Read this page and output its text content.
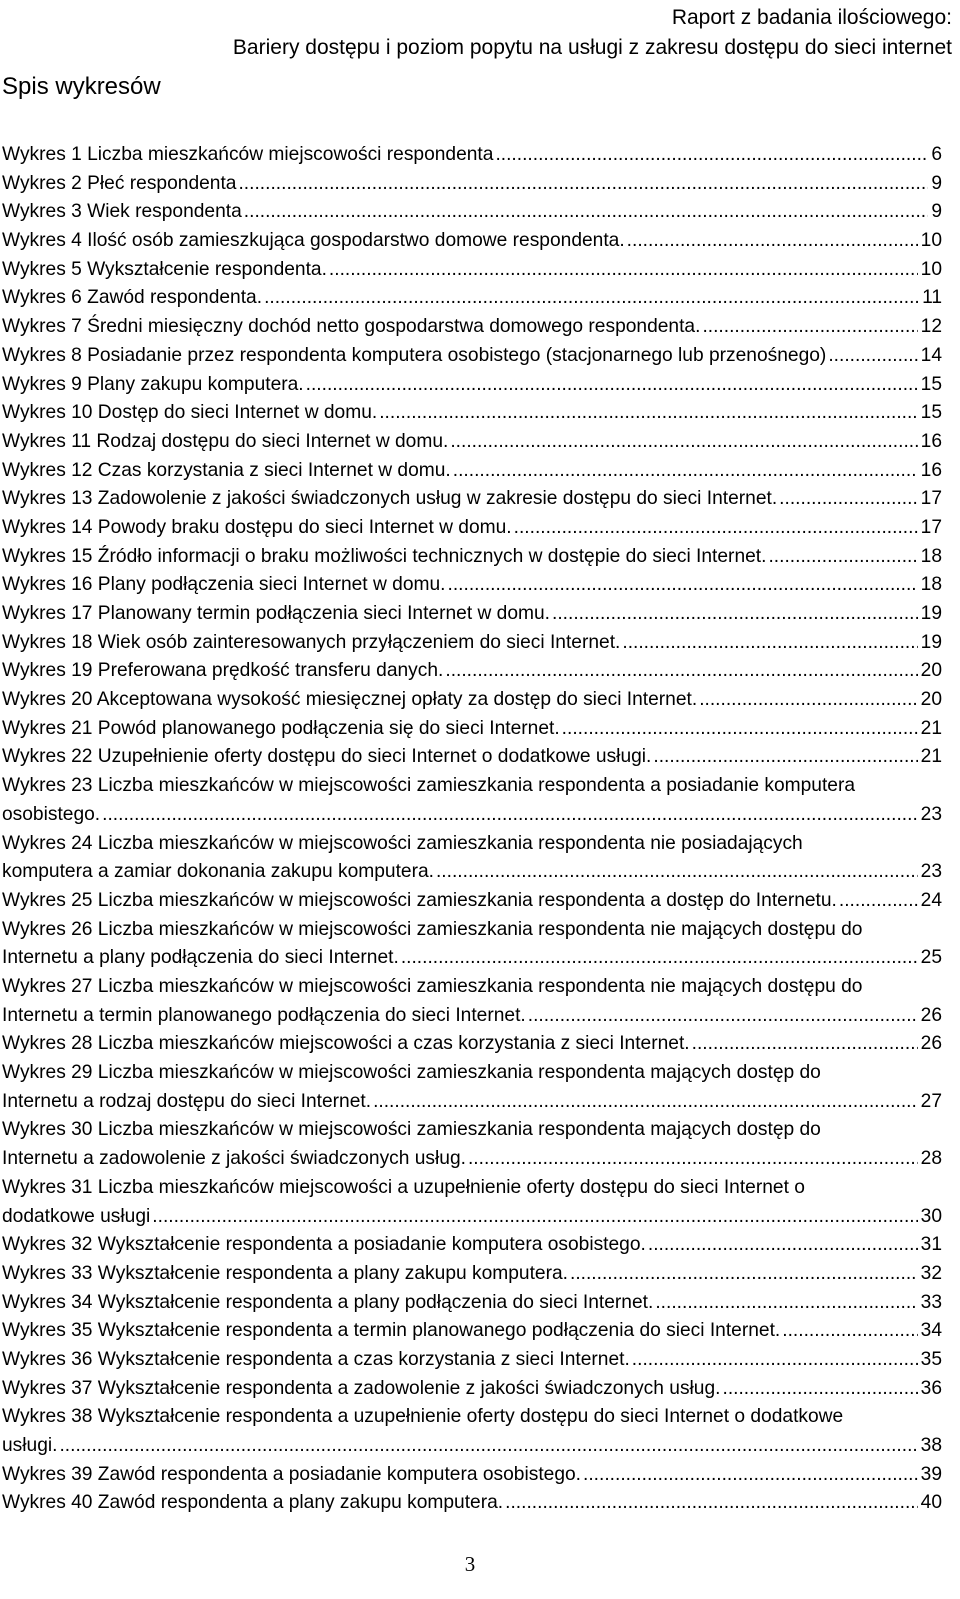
Raport z badania ilościowego:
Bariery dostępu i poziom popytu na usługi z zakresu dostępu do sieci internet
Spis wykresów
Wykres 1 Liczba mieszkańców miejscowości respondenta .....	6
Wykres 2 Płeć respondenta .....	9
Wykres 3 Wiek respondenta .....	9
Wykres 4 Ilość osób zamieszkująca gospodarstwo domowe respondenta. .....	10
Wykres 5 Wykształcenie respondenta. .....	10
Wykres 6 Zawód respondenta. .....	11
Wykres 7 Średni miesięczny dochód netto gospodarstwa domowego respondenta. .....	12
Wykres 8 Posiadanie przez respondenta komputera osobistego (stacjonarnego lub przenośnego) .....	14
Wykres 9 Plany zakupu komputera. .....	15
Wykres 10 Dostęp do sieci Internet w domu. .....	15
Wykres 11 Rodzaj dostępu do sieci Internet w domu. .....	16
Wykres 12 Czas korzystania z sieci Internet w domu. .....	16
Wykres 13 Zadowolenie z jakości świadczonych usług w zakresie dostępu do sieci Internet. .....	17
Wykres 14 Powody braku dostępu do sieci Internet w domu. .....	17
Wykres 15 Źródło informacji o braku możliwości technicznych w dostępie do sieci Internet. .....	18
Wykres 16 Plany podłączenia sieci Internet w domu. .....	18
Wykres 17 Planowany termin podłączenia sieci Internet w domu. .....	19
Wykres 18 Wiek osób zainteresowanych przyłączeniem do sieci Internet. .....	19
Wykres 19 Preferowana prędkość transferu danych. .....	20
Wykres 20 Akceptowana wysokość miesięcznej opłaty za dostęp do sieci Internet. .....	20
Wykres 21 Powód planowanego podłączenia się do sieci Internet. .....	21
Wykres 22 Uzupełnienie oferty dostępu do sieci Internet o dodatkowe usługi. .....	21
Wykres 23 Liczba mieszkańców w miejscowości zamieszkania respondenta a posiadanie komputera
osobistego. .....	23
Wykres 24 Liczba mieszkańców w miejscowości zamieszkania respondenta nie posiadających
komputera a zamiar dokonania zakupu komputera. .....	23
Wykres 25 Liczba mieszkańców w miejscowości zamieszkania respondenta a dostęp do Internetu. .....	24
Wykres 26 Liczba mieszkańców w miejscowości zamieszkania respondenta nie mających dostępu do
Internetu a plany podłączenia do sieci Internet. .....	25
Wykres 27 Liczba mieszkańców w miejscowości zamieszkania respondenta nie mających dostępu do
Internetu a termin planowanego podłączenia do sieci Internet. .....	26
Wykres 28 Liczba mieszkańców miejscowości a czas korzystania z sieci Internet. .....	26
Wykres 29 Liczba mieszkańców w miejscowości zamieszkania respondenta mających dostęp do
Internetu a rodzaj dostępu do sieci Internet. .....	27
Wykres 30 Liczba mieszkańców w miejscowości zamieszkania respondenta mających dostęp do
Internetu a zadowolenie z jakości świadczonych usług. .....	28
Wykres 31 Liczba mieszkańców miejscowości a uzupełnienie oferty dostępu do sieci Internet o
dodatkowe usługi .....	30
Wykres 32 Wykształcenie respondenta a posiadanie komputera osobistego. .....	31
Wykres 33 Wykształcenie respondenta a plany zakupu komputera. .....	32
Wykres 34 Wykształcenie respondenta a plany podłączenia do sieci Internet. .....	33
Wykres 35 Wykształcenie respondenta a termin planowanego podłączenia do sieci Internet. .....	34
Wykres 36 Wykształcenie respondenta a czas korzystania z sieci Internet. .....	35
Wykres 37 Wykształcenie respondenta a zadowolenie z jakości świadczonych usług. .....	36
Wykres 38 Wykształcenie respondenta a uzupełnienie oferty dostępu do sieci Internet o dodatkowe
usługi. .....	38
Wykres 39 Zawód respondenta a posiadanie komputera osobistego. .....	39
Wykres 40 Zawód respondenta a plany zakupu komputera. .....	40
3
